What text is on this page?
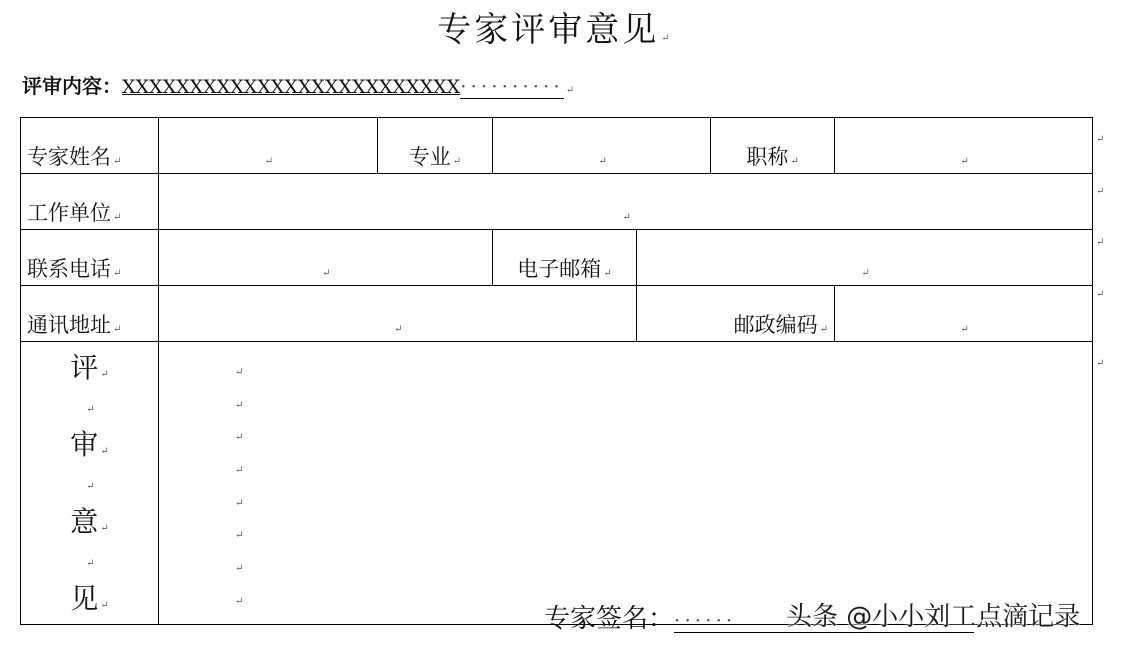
专家评审意见↵
评审内容：XXXXXXXXXXXXXXXXXXXXXXXXX··········↵
专家姓名↵	↵	专业↵	↵		职称↵	↵
工作单位↵	↵
联系电话↵	↵		电子邮箱↵	↵
通讯地址↵	↵			邮政编码↵	↵

评↵
↵
审↵
↵
意↵
↵
见↵

↵
↵
↵
↵
↵
↵
↵
↵
↵
↵
↵
↵
↵
专家签名：······	头条 @小小刘工点滴记录
